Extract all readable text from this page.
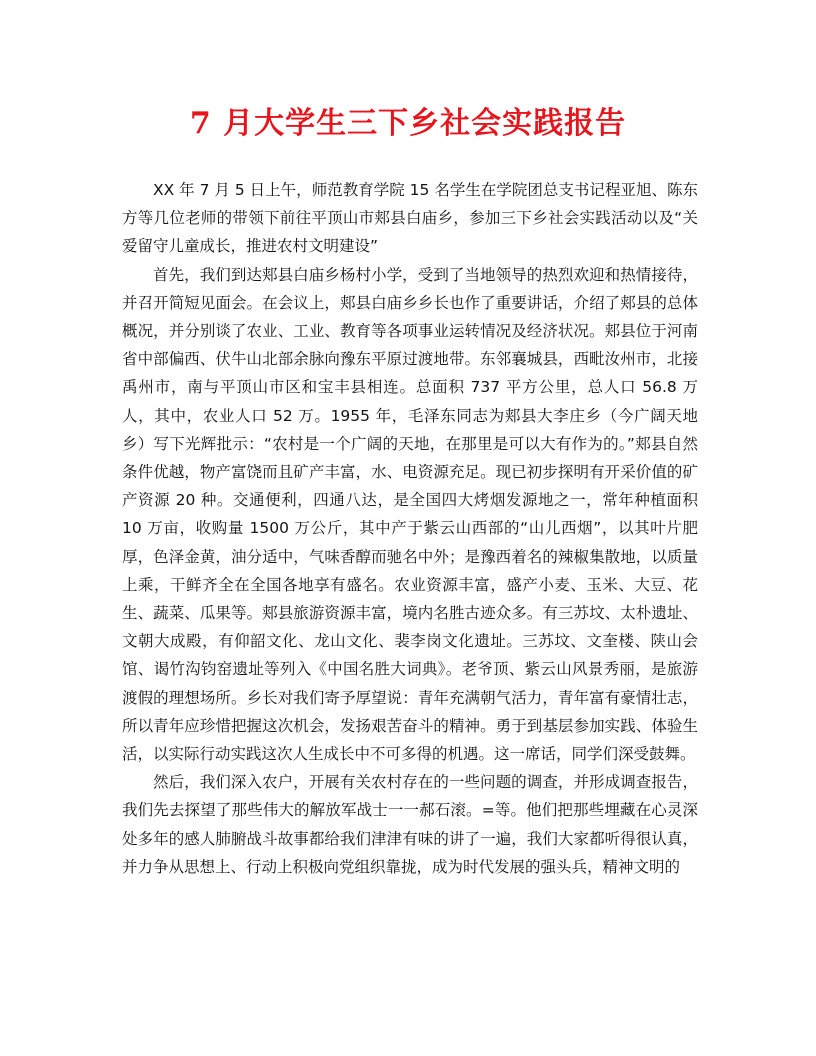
7 月大学生三下乡社会实践报告

XX 年 7 月 5 日上午，师范教育学院 15 名学生在学院团总支书记程亚旭、陈东方等几位老师的带领下前往平顶山市郏县白庙乡，参加三下乡社会实践活动以及“关爱留守儿童成长，推进农村文明建设”

首先，我们到达郏县白庙乡杨村小学，受到了当地领导的热烈欢迎和热情接待，并召开简短见面会。在会议上，郏县白庙乡乡长也作了重要讲话，介绍了郏县的总体概况，并分别谈了农业、工业、教育等各项事业运转情况及经济状况。郏县位于河南省中部偏西、伏牛山北部余脉向豫东平原过渡地带。东邻襄城县，西毗汝州市，北接禹州市，南与平顶山市区和宝丰县相连。总面积 737 平方公里，总人口 56.8 万人，其中，农业人口 52 万。1955 年，毛泽东同志为郏县大李庄乡（今广阔天地乡）写下光辉批示：“农村是一个广阔的天地，在那里是可以大有作为的。”郏县自然条件优越，物产富饶而且矿产丰富，水、电资源充足。现已初步探明有开采价值的矿产资源 20 种。交通便利，四通八达，是全国四大烤烟发源地之一，常年种植面积 10 万亩，收购量 1500 万公斤，其中产于紫云山西部的“山儿西烟”，以其叶片肥厚，色泽金黄，油分适中，气味香醇而驰名中外；是豫西着名的辣椒集散地，以质量上乘，干鲜齐全在全国各地享有盛名。农业资源丰富，盛产小麦、玉米、大豆、花生、蔬菜、瓜果等。郏县旅游资源丰富，境内名胜古迹众多。有三苏坟、太朴遗址、文朝大成殿，有仰韶文化、龙山文化、裴李岗文化遗址。三苏坟、文奎楼、陕山会馆、谒竹沟钧窑遗址等列入《中国名胜大词典》。老爷顶、紫云山风景秀丽，是旅游渡假的理想场所。乡长对我们寄予厚望说：青年充满朝气活力，青年富有豪情壮志，所以青年应珍惜把握这次机会，发扬艰苦奋斗的精神。勇于到基层参加实践、体验生活，以实际行动实践这次人生成长中不可多得的机遇。这一席话，同学们深受鼓舞。

然后，我们深入农户，开展有关农村存在的一些问题的调查，并形成调查报告，我们先去探望了那些伟大的解放军战士一一郝石滚。=等。他们把那些埋藏在心灵深处多年的感人肺腑战斗故事都给我们津津有味的讲了一遍，我们大家都听得很认真，并力争从思想上、行动上积极向党组织靠拢，成为时代发展的强头兵，精神文明的
